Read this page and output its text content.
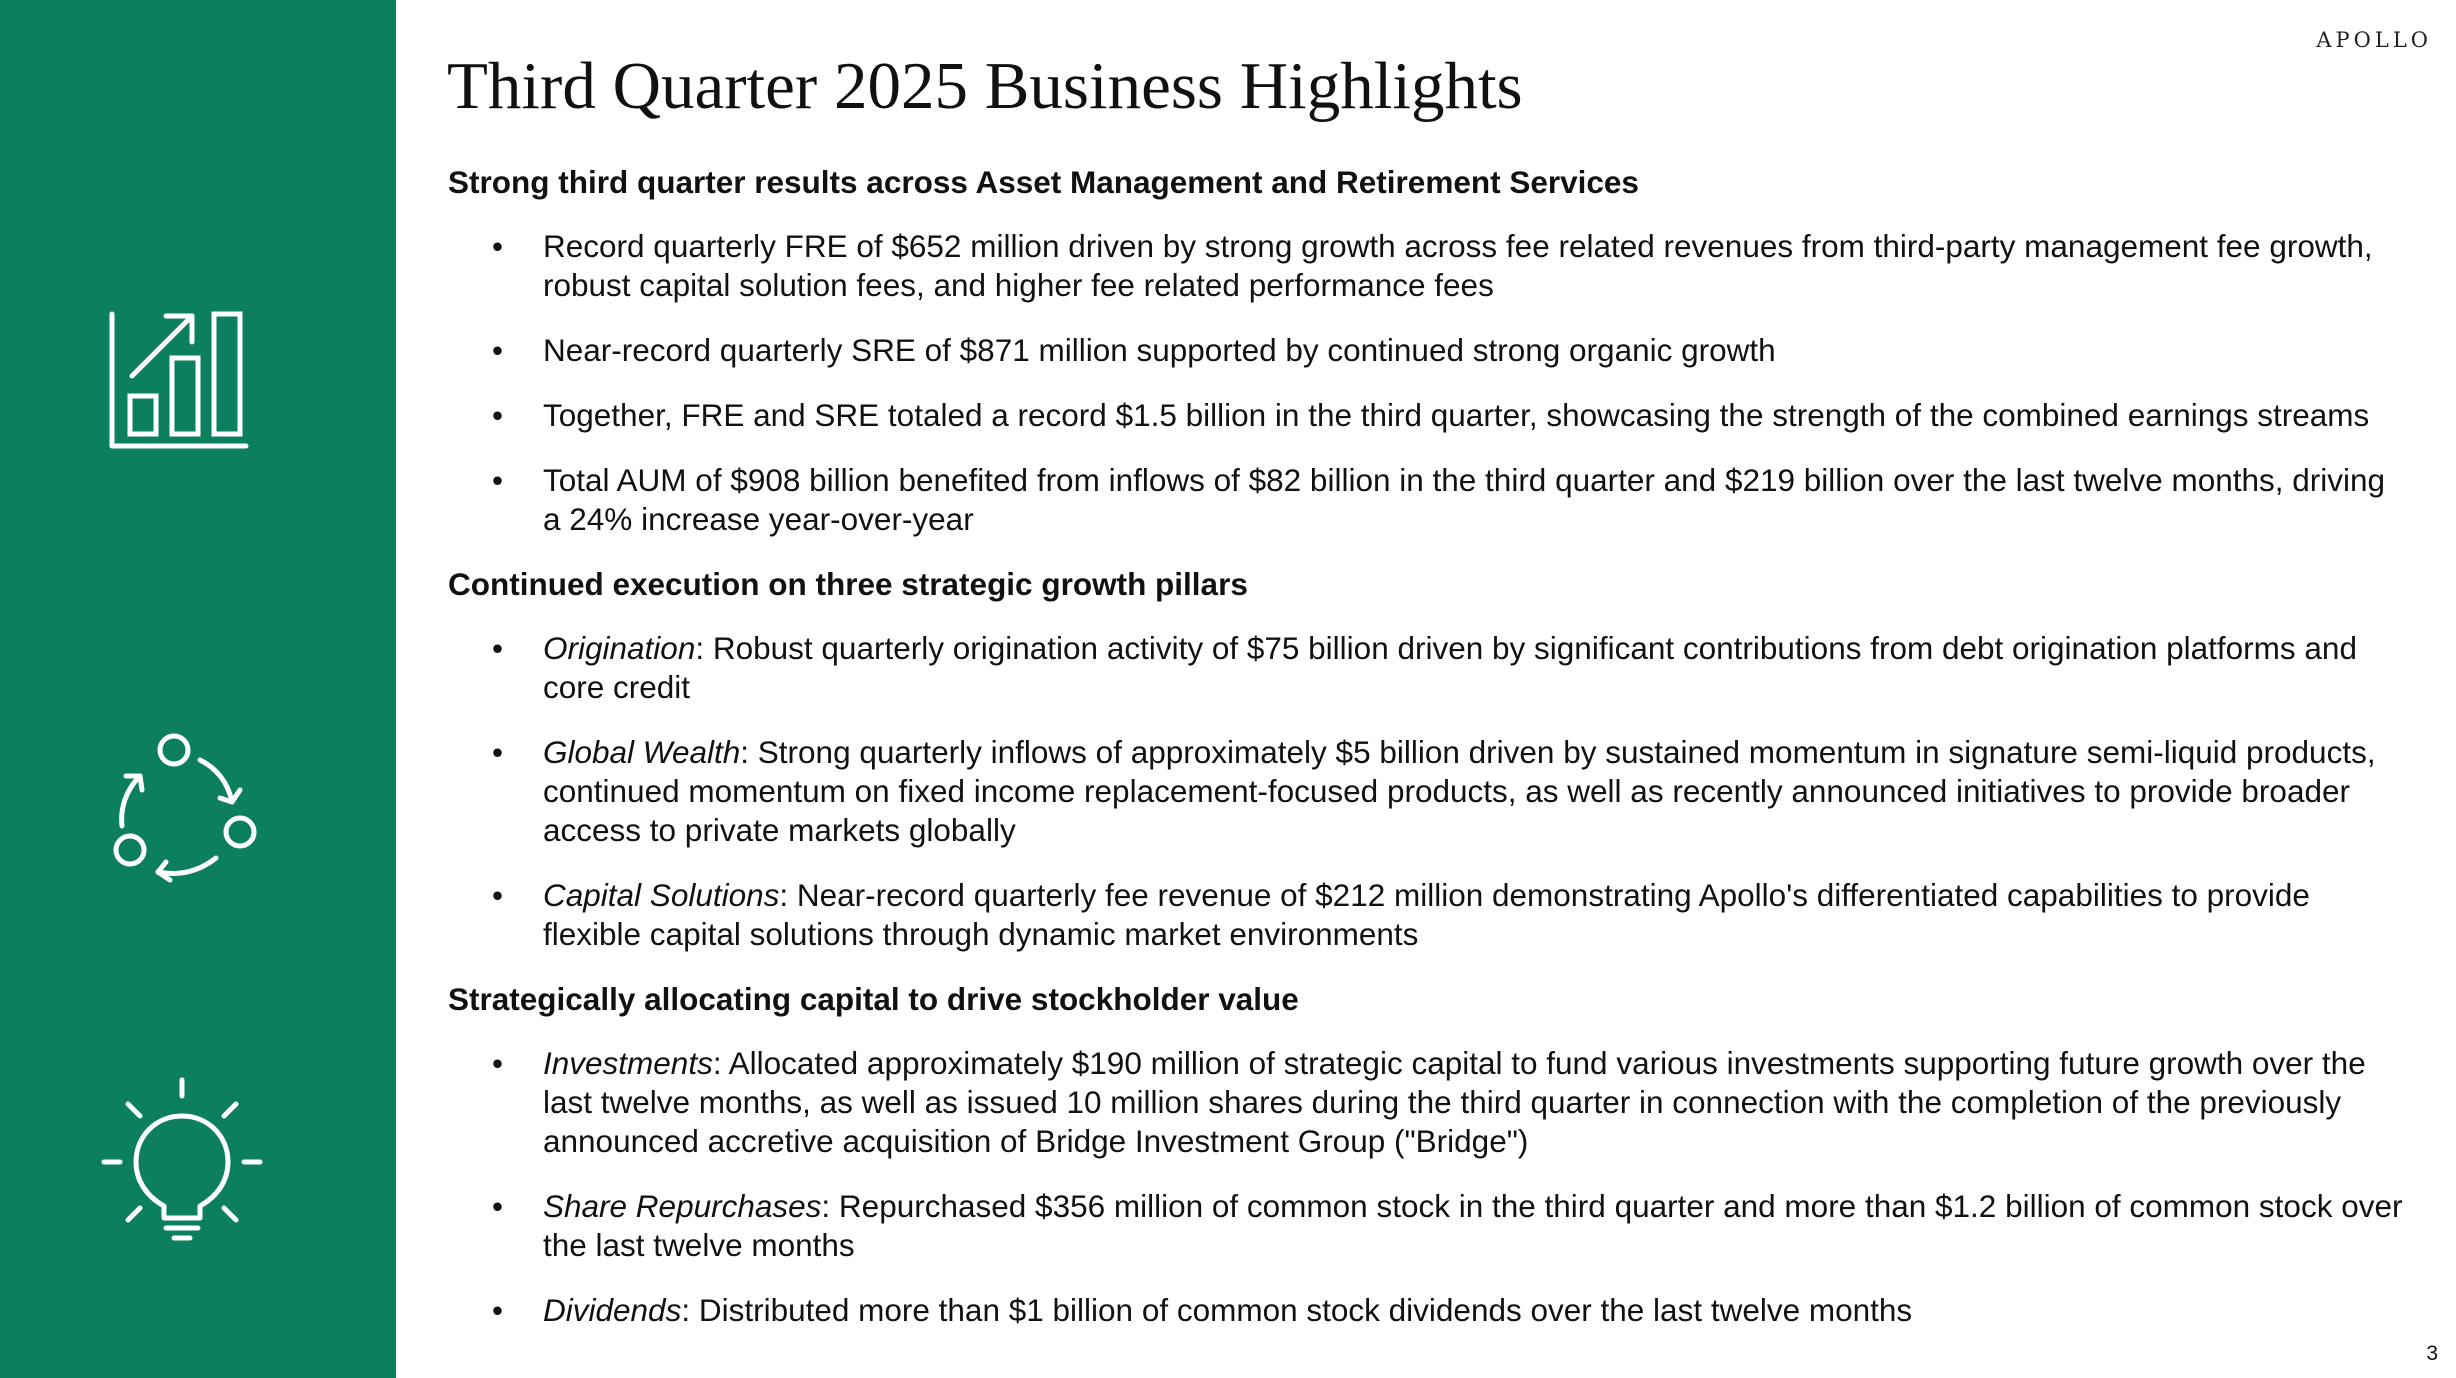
APOLLO
Third Quarter 2025 Business Highlights
Strong third quarter results across Asset Management and Retirement Services
• Record quarterly FRE of $652 million driven by strong growth across fee related revenues from third-party management fee growth, robust capital solution fees, and higher fee related performance fees
• Near-record quarterly SRE of $871 million supported by continued strong organic growth
• Together, FRE and SRE totaled a record $1.5 billion in the third quarter, showcasing the strength of the combined earnings streams
• Total AUM of $908 billion benefited from inflows of $82 billion in the third quarter and $219 billion over the last twelve months, driving a 24% increase year-over-year
Continued execution on three strategic growth pillars
• Origination: Robust quarterly origination activity of $75 billion driven by significant contributions from debt origination platforms and core credit
• Global Wealth: Strong quarterly inflows of approximately $5 billion driven by sustained momentum in signature semi-liquid products, continued momentum on fixed income replacement-focused products, as well as recently announced initiatives to provide broader access to private markets globally
• Capital Solutions: Near-record quarterly fee revenue of $212 million demonstrating Apollo's differentiated capabilities to provide flexible capital solutions through dynamic market environments
Strategically allocating capital to drive stockholder value
• Investments: Allocated approximately $190 million of strategic capital to fund various investments supporting future growth over the last twelve months, as well as issued 10 million shares during the third quarter in connection with the completion of the previously announced accretive acquisition of Bridge Investment Group ("Bridge")
• Share Repurchases: Repurchased $356 million of common stock in the third quarter and more than $1.2 billion of common stock over the last twelve months
• Dividends: Distributed more than $1 billion of common stock dividends over the last twelve months
3
